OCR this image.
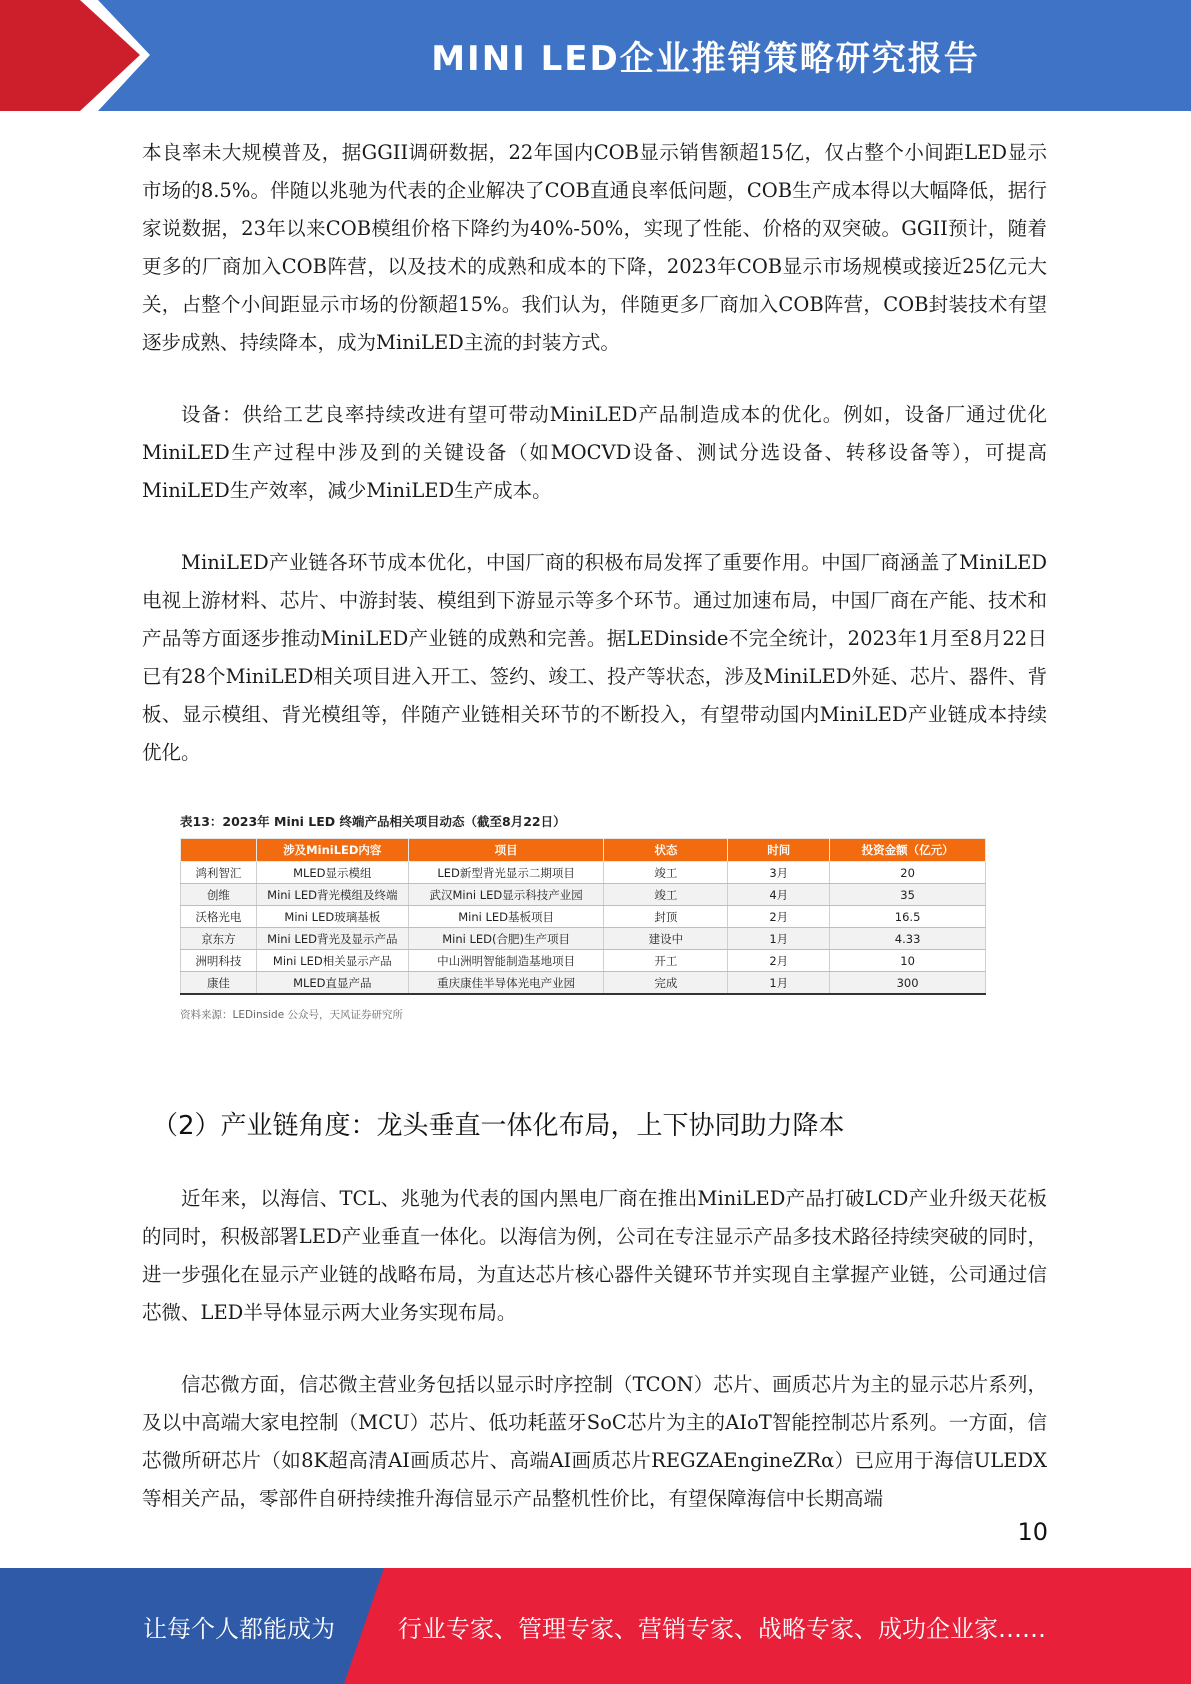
MINI LED企业推销策略研究报告

本良率未大规模普及，据GGII调研数据，22年国内COB显示销售额超15亿，仅占整个小间距LED显示市场的8.5%。伴随以兆驰为代表的企业解决了COB直通良率低问题，COB生产成本得以大幅降低，据行家说数据，23年以来COB模组价格下降约为40%-50%，实现了性能、价格的双突破。GGII预计，随着更多的厂商加入COB阵营，以及技术的成熟和成本的下降，2023年COB显示市场规模或接近25亿元大关，占整个小间距显示市场的份额超15%。我们认为，伴随更多厂商加入COB阵营，COB封装技术有望逐步成熟、持续降本，成为MiniLED主流的封装方式。

设备：供给工艺良率持续改进有望可带动MiniLED产品制造成本的优化。例如，设备厂通过优化MiniLED生产过程中涉及到的关键设备（如MOCVD设备、测试分选设备、转移设备等），可提高MiniLED生产效率，减少MiniLED生产成本。

MiniLED产业链各环节成本优化，中国厂商的积极布局发挥了重要作用。中国厂商涵盖了MiniLED电视上游材料、芯片、中游封装、模组到下游显示等多个环节。通过加速布局，中国厂商在产能、技术和产品等方面逐步推动MiniLED产业链的成熟和完善。据LEDinside不完全统计，2023年1月至8月22日已有28个MiniLED相关项目进入开工、签约、竣工、投产等状态，涉及MiniLED外延、芯片、器件、背板、显示模组、背光模组等，伴随产业链相关环节的不断投入，有望带动国内MiniLED产业链成本持续优化。

表13：2023年 Mini LED 终端产品相关项目动态（截至8月22日）
	涉及MiniLED内容	项目	状态	时间	投资金额（亿元）
鸿利智汇	MLED显示模组	LED新型背光显示二期项目	竣工	3月	20
创维	Mini LED背光模组及终端	武汉Mini LED显示科技产业园	竣工	4月	35
沃格光电	Mini LED玻璃基板	Mini LED基板项目	封顶	2月	16.5
京东方	Mini LED背光及显示产品	Mini LED(合肥)生产项目	建设中	1月	4.33
洲明科技	Mini LED相关显示产品	中山洲明智能制造基地项目	开工	2月	10
康佳	MLED直显产品	重庆康佳半导体光电产业园	完成	1月	300
资料来源：LEDinside 公众号，天风证券研究所
（2）产业链角度：龙头垂直一体化布局，上下协同助力降本

近年来，以海信、TCL、兆驰为代表的国内黑电厂商在推出MiniLED产品打破LCD产业升级天花板的同时，积极部署LED产业垂直一体化。以海信为例，公司在专注显示产品多技术路径持续突破的同时，进一步强化在显示产业链的战略布局，为直达芯片核心器件关键环节并实现自主掌握产业链，公司通过信芯微、LED半导体显示两大业务实现布局。

信芯微方面，信芯微主营业务包括以显示时序控制（TCON）芯片、画质芯片为主的显示芯片系列，及以中高端大家电控制（MCU）芯片、低功耗蓝牙SoC芯片为主的AIoT智能控制芯片系列。一方面，信芯微所研芯片（如8K超高清AI画质芯片、高端AI画质芯片REGZAEngineZRα）已应用于海信ULEDX等相关产品，零部件自研持续推升海信显示产品整机性价比，有望保障海信中长期高端

10
让每个人都能成为	行业专家、管理专家、营销专家、战略专家、成功企业家……
